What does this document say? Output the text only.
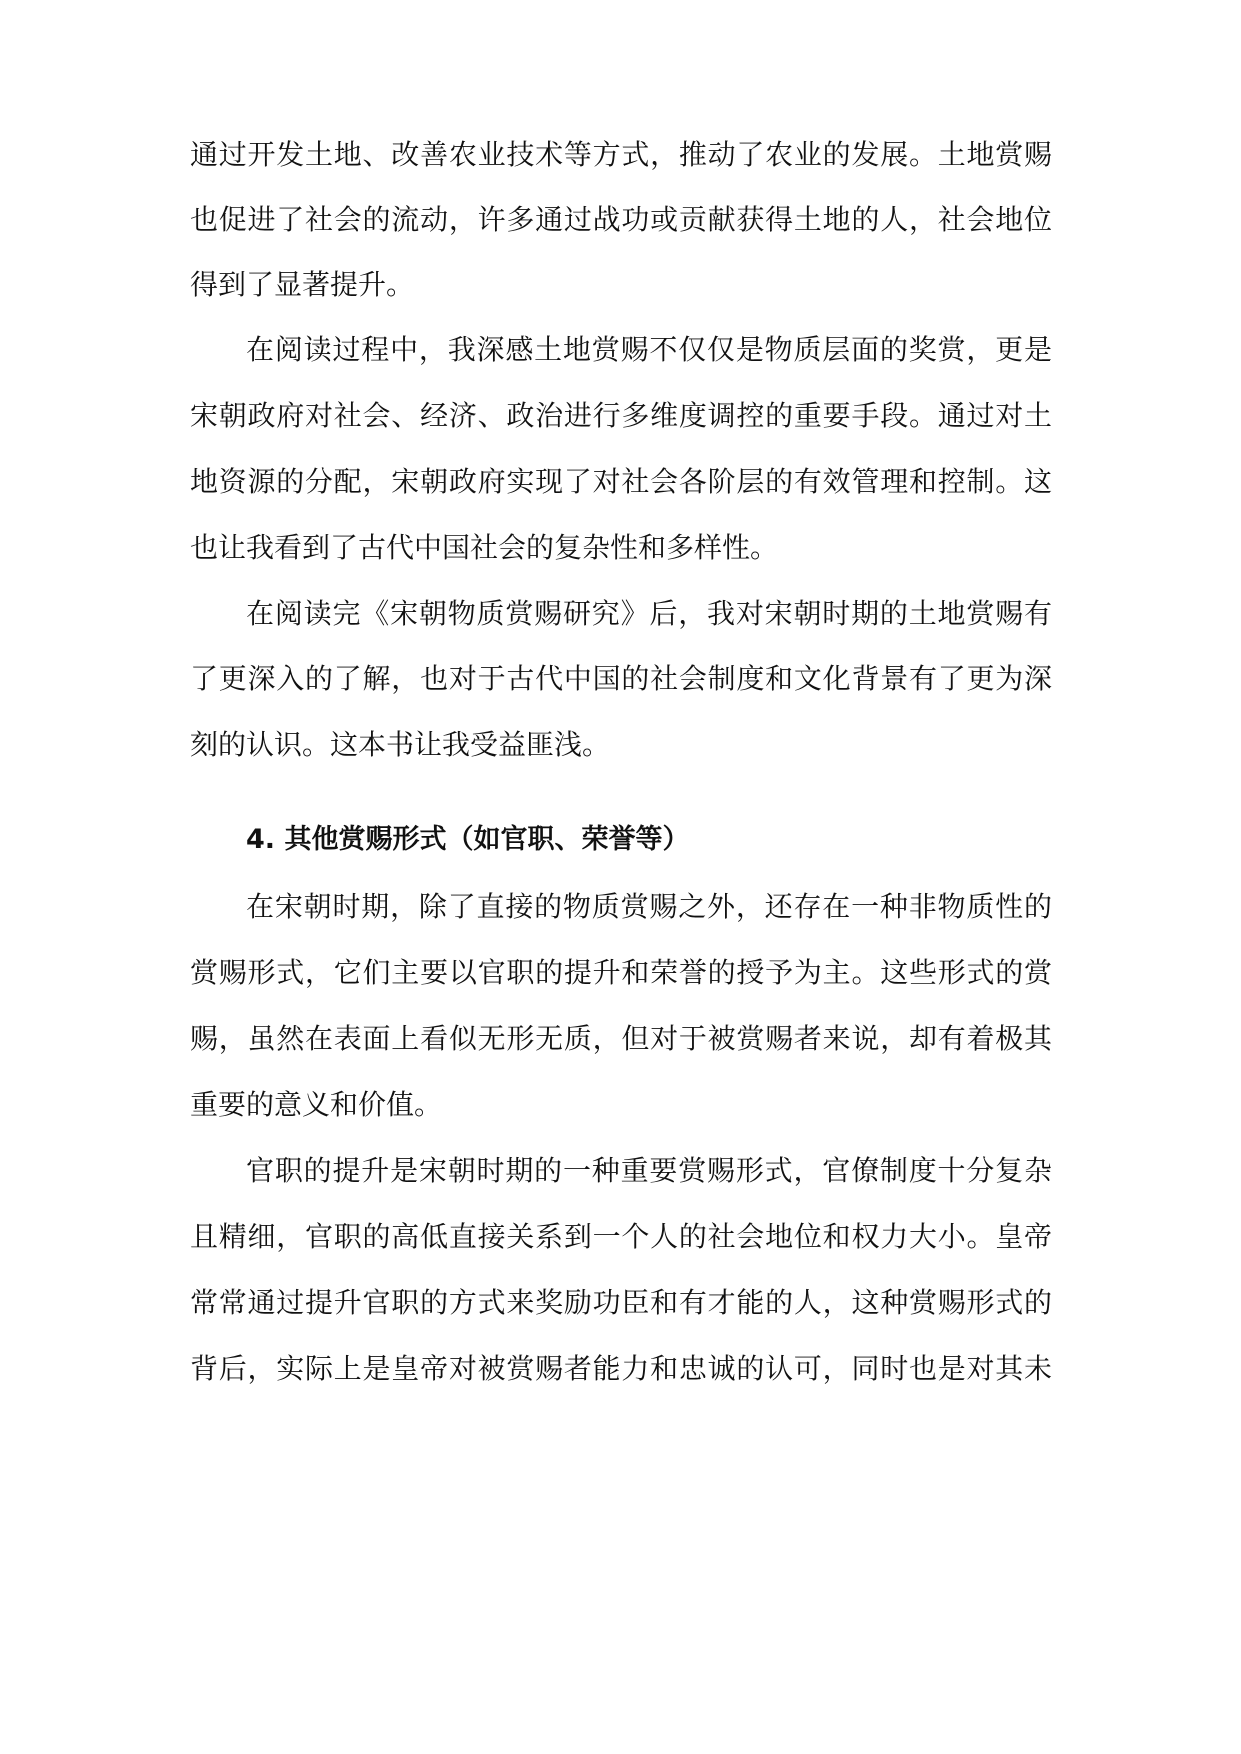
通过开发土地、改善农业技术等方式，推动了农业的发展。土地赏赐
也促进了社会的流动，许多通过战功或贡献获得土地的人，社会地位
得到了显著提升。
在阅读过程中，我深感土地赏赐不仅仅是物质层面的奖赏，更是
宋朝政府对社会、经济、政治进行多维度调控的重要手段。通过对土
地资源的分配，宋朝政府实现了对社会各阶层的有效管理和控制。这
也让我看到了古代中国社会的复杂性和多样性。
在阅读完《宋朝物质赏赐研究》后，我对宋朝时期的土地赏赐有
了更深入的了解，也对于古代中国的社会制度和文化背景有了更为深
刻的认识。这本书让我受益匪浅。
4. 其他赏赐形式（如官职、荣誉等）
在宋朝时期，除了直接的物质赏赐之外，还存在一种非物质性的
赏赐形式，它们主要以官职的提升和荣誉的授予为主。这些形式的赏
赐，虽然在表面上看似无形无质，但对于被赏赐者来说，却有着极其
重要的意义和价值。
官职的提升是宋朝时期的一种重要赏赐形式，官僚制度十分复杂
且精细，官职的高低直接关系到一个人的社会地位和权力大小。皇帝
常常通过提升官职的方式来奖励功臣和有才能的人，这种赏赐形式的
背后，实际上是皇帝对被赏赐者能力和忠诚的认可，同时也是对其未
